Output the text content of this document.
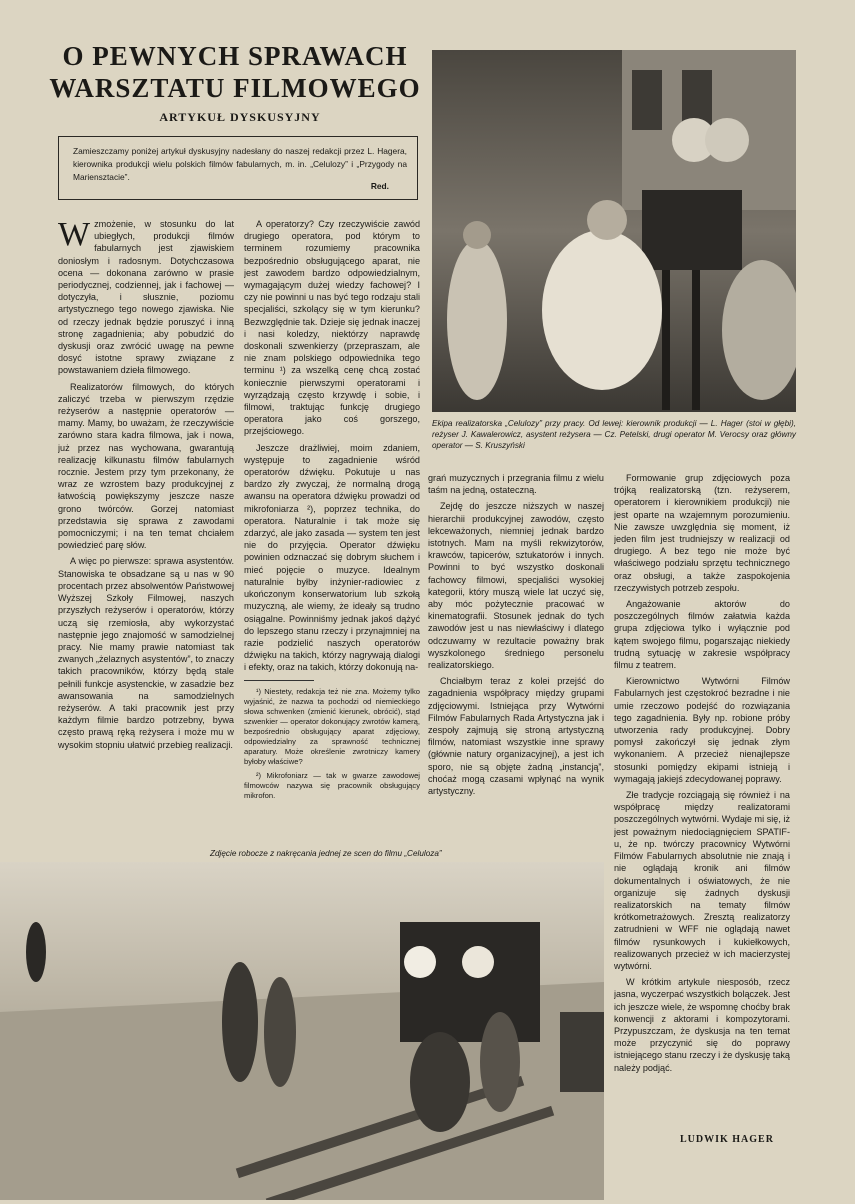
O PEWNYCH SPRAWACH
WARSZTATU FILMOWEGO
ARTYKUŁ DYSKUSYJNY
Zamieszczamy poniżej artykuł dyskusyjny nadesłany do naszej redakcji przez L. Hagera, kierownika produkcji wielu polskich filmów fabularnych, m. in. „Celulozy” i „Przygody na Mariensztacie”.
Red.
Ekipa realizatorska „Celulozy” przy pracy. Od lewej: kierownik produkcji — L. Hager (stoi w głębi), reżyser J. Kawalerowicz, asystent reżysera — Cz. Petelski, drugi operator M. Verocsy oraz główny operator — S. Kruszyński

Wzmożenie, w stosunku do lat ubiegłych, produkcji filmów fabularnych jest zjawiskiem doniosłym i radosnym. Dotychczasowa ocena — dokonana zarówno w prasie periodycznej, codziennej, jak i fachowej — dotyczyła, i słusznie, poziomu artystycznego tego nowego zjawiska. Nie od rzeczy jednak będzie poruszyć i inną stronę zagadnienia; aby pobudzić do dyskusji oraz zwrócić uwagę na pewne dosyć istotne sprawy związane z powstawaniem dzieła filmowego.

Realizatorów filmowych, do których zaliczyć trzeba w pierwszym rzędzie reżyserów a następnie operatorów — mamy. Mamy, bo uważam, że rzeczywiście zarówno stara kadra filmowa, jak i nowa, już przez nas wychowana, gwarantują realizację kilkunastu filmów fabularnych rocznie. Jestem przy tym przekonany, że wraz ze wzrostem bazy produkcyjnej z łatwością powiększymy jeszcze nasze grono twórców. Gorzej natomiast przedstawia się sprawa z zawodami pomocniczymi; i na ten temat chciałem powiedzieć parę słów.

A więc po pierwsze: sprawa asystentów. Stanowiska te obsadzane są u nas w 90 procentach przez absolwentów Państwowej Wyższej Szkoły Filmowej, naszych przyszłych reżyserów i operatorów, którzy uczą się rzemiosła, aby wykorzystać następnie jego znajomość w samodzielnej pracy. Nie mamy prawie natomiast tak zwanych „żelaznych asystentów”, to znaczy takich pracowników, którzy będą stale pełnili funkcje asystenckie, w zasadzie bez awansowania na samodzielnych reżyserów. A taki pracownik jest przy każdym filmie bardzo potrzebny, bywa często prawą ręką reżysera i może mu w wysokim stopniu ułatwić przebieg realizacji.

A operatorzy? Czy rzeczywiście zawód drugiego operatora, pod którym to terminem rozumiemy pracownika bezpośrednio obsługującego aparat, nie jest zawodem bardzo odpowiedzialnym, wymagającym dużej wiedzy fachowej? I czy nie powinni u nas być tego rodzaju stali specjaliści, szkolący się w tym kierunku? Bezwzględnie tak. Dzieje się jednak inaczej i nasi koledzy, niektórzy naprawdę doskonali szwenkierzy (przepraszam, ale nie znam polskiego odpowiednika tego terminu ¹) za wszelką cenę chcą zostać koniecznie pierwszymi operatorami i wyrządzają często krzywdę i sobie, i filmowi, traktując funkcję drugiego operatora jako coś gorszego, przejściowego.

Jeszcze drażliwiej, moim zdaniem, występuje to zagadnienie wśród operatorów dźwięku. Pokutuje u nas bardzo zły zwyczaj, że normalną drogą awansu na operatora dźwięku prowadzi od mikrofoniarza ²), poprzez technika, do operatora. Naturalnie i tak może się zdarzyć, ale jako zasada — system ten jest nie do przyjęcia. Operator dźwięku powinien odznaczać się dobrym słuchem i mieć pojęcie o muzyce. Idealnym naturalnie byłby inżynier-radiowiec z ukończonym konserwatorium lub szkołą muzyczną, ale wiemy, że ideały są trudno osiągalne. Powinniśmy jednak jakoś dążyć do lepszego stanu rzeczy i przynajmniej na razie podzielić naszych operatorów dźwięku na takich, którzy nagrywają dialogi i efekty, oraz na takich, którzy dokonują na-

¹) Niestety, redakcja też nie zna. Możemy tylko wyjaśnić, że nazwa ta pochodzi od niemieckiego słowa schwenken (zmienić kierunek, obrócić), stąd szwenkier — operator dokonujący zwrotów kamerą, bezpośrednio obsługujący aparat zdjęciowy, odpowiedzialny za sprawność technicznej aparatury. Może określenie zwrotniczy kamery byłoby właściwe?

²) Mikrofoniarz — tak w gwarze zawodowej filmowców nazywa się pracownik obsługujący mikrofon.

grań muzycznych i przegrania filmu z wielu taśm na jedną, ostateczną.

Zejdę do jeszcze niższych w naszej hierarchii produkcyjnej zawodów, często lekceważonych, niemniej jednak bardzo istotnych. Mam na myśli rekwizytorów, krawców, tapicerów, sztukatorów i innych. Powinni to być wszystko doskonali fachowcy filmowi, specjaliści wysokiej kategorii, który muszą wiele lat uczyć się, aby móc pożytecznie pracować w kinematografii. Stosunek jednak do tych zawodów jest u nas niewłaściwy i dlatego odczuwamy w rezultacie poważny brak wyszkolonego średniego personelu realizatorskiego.

Chciałbym teraz z kolei przejść do zagadnienia współpracy między grupami zdjęciowymi. Istniejąca przy Wytwórni Filmów Fabularnych Rada Artystyczna jak i zespoły zajmują się stroną artystyczną filmów, natomiast wszystkie inne sprawy (głównie natury organizacyjnej), a jest ich sporo, nie są objęte żadną „instancją”, choćaż mogą czasami wpłynąć na wynik artystyczny.

Formowanie grup zdjęciowych poza trójką realizatorską (tzn. reżyserem, operatorem i kierownikiem produkcji) nie jest oparte na wzajemnym porozumieniu. Nie zawsze uwzględnia się moment, iż jeden film jest trudniejszy w realizacji od drugiego. A bez tego nie może być właściwego podziału sprzętu technicznego oraz obsługi, a także zaspokojenia rzeczywistych potrzeb zespołu.

Angażowanie aktorów do poszczególnych filmów załatwia każda grupa zdjęciowa tylko i wyłącznie pod kątem swojego filmu, pogarszając niekiedy trudną sytuację w zakresie współpracy filmu z teatrem.

Kierownictwo Wytwórni Filmów Fabularnych jest częstokroć bezradne i nie umie rzeczowo podejść do rozwiązania tego zagadnienia. Były np. robione próby utworzenia rady produkcyjnej. Dobry pomysł zakończył się jednak złym wykonaniem. A przecież nienajlepsze stosunki pomiędzy ekipami istnieją i wymagają jakiejś zdecydowanej poprawy.

Złe tradycje rozciągają się również i na współpracę między realizatorami poszczególnych wytwórni. Wydaje mi się, iż jest poważnym niedociągnięciem SPATIF-u, że np. twórczy pracownicy Wytwórni Filmów Fabularnych absolutnie nie znają i nie oglądają kronik ani filmów dokumentalnych i oświatowych, że nie organizuje się żadnych dyskusji realizatorskich na tematy filmów krótkometrażowych. Zresztą realizatorzy zatrudnieni w WFF nie oglądają nawet filmów rysunkowych i kukiełkowych, realizowanych przecież w ich macierzystej wytwórni.

W krótkim artykule niesposób, rzecz jasna, wyczerpać wszystkich bolączek. Jest ich jeszcze wiele, że wspomnę choćby brak konwencji z aktorami i kompozytorami. Przypuszczam, że dyskusja na ten temat może przyczynić się do poprawy istniejącego stanu rzeczy i że dyskusję taką należy podjąć.

LUDWIK HAGER
Zdjęcie robocze z nakręcania jednej ze scen do filmu „Celuloza”
